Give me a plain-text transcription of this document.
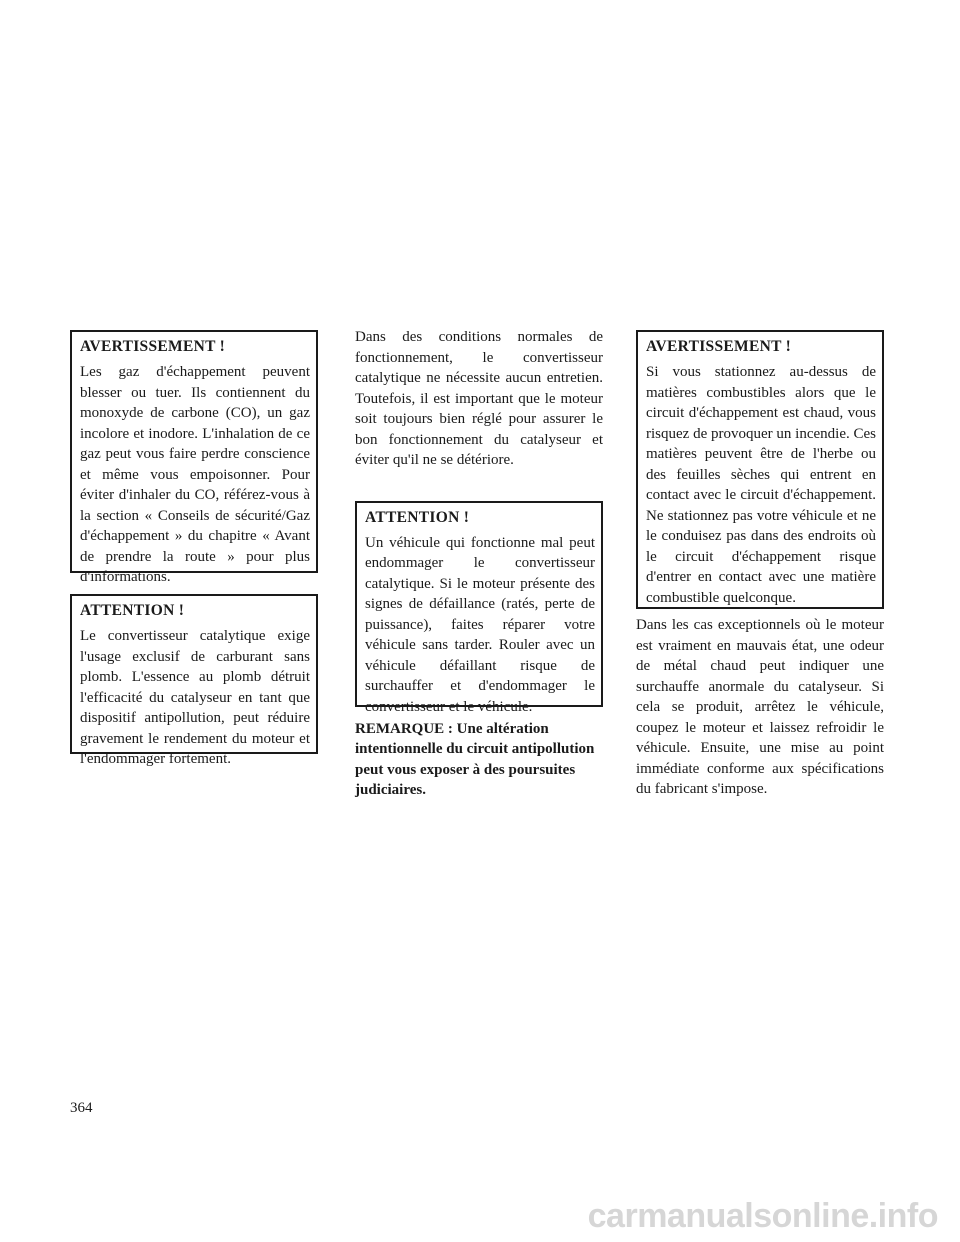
AVERTISSEMENT !

Les gaz d'échappement peuvent blesser ou tuer. Ils contiennent du monoxyde de carbone (CO), un gaz incolore et inodore. L'inhalation de ce gaz peut vous faire perdre conscience et même vous empoisonner. Pour éviter d'inhaler du CO, référez-vous à la section « Conseils de sécurité/Gaz d'échappement » du chapitre « Avant de prendre la route » pour plus d'informations.

ATTENTION !

Le convertisseur catalytique exige l'usage exclusif de carburant sans plomb. L'essence au plomb détruit l'efficacité du catalyseur en tant que dispositif antipollution, peut réduire gravement le rendement du moteur et l'endommager fortement.

Dans des conditions normales de fonctionnement, le convertisseur catalytique ne nécessite aucun entretien. Toutefois, il est important que le moteur soit toujours bien réglé pour assurer le bon fonctionnement du catalyseur et éviter qu'il ne se détériore.

ATTENTION !

Un véhicule qui fonctionne mal peut endommager le convertisseur catalytique. Si le moteur présente des signes de défaillance (ratés, perte de puissance), faites réparer votre véhicule sans tarder. Rouler avec un véhicule défaillant risque de surchauffer et d'endommager le convertisseur et le véhicule.

REMARQUE : Une altération intentionnelle du circuit antipollution peut vous exposer à des poursuites judiciaires.

AVERTISSEMENT !

Si vous stationnez au-dessus de matières combustibles alors que le circuit d'échappement est chaud, vous risquez de provoquer un incendie. Ces matières peuvent être de l'herbe ou des feuilles sèches qui entrent en contact avec le circuit d'échappement. Ne stationnez pas votre véhicule et ne le conduisez pas dans des endroits où le circuit d'échappement risque d'entrer en contact avec une matière combustible quelconque.

Dans les cas exceptionnels où le moteur est vraiment en mauvais état, une odeur de métal chaud peut indiquer une surchauffe anormale du catalyseur. Si cela se produit, arrêtez le véhicule, coupez le moteur et laissez refroidir le véhicule. Ensuite, une mise au point immédiate conforme aux spécifications du fabricant s'impose.

364
carmanualsonline.info
